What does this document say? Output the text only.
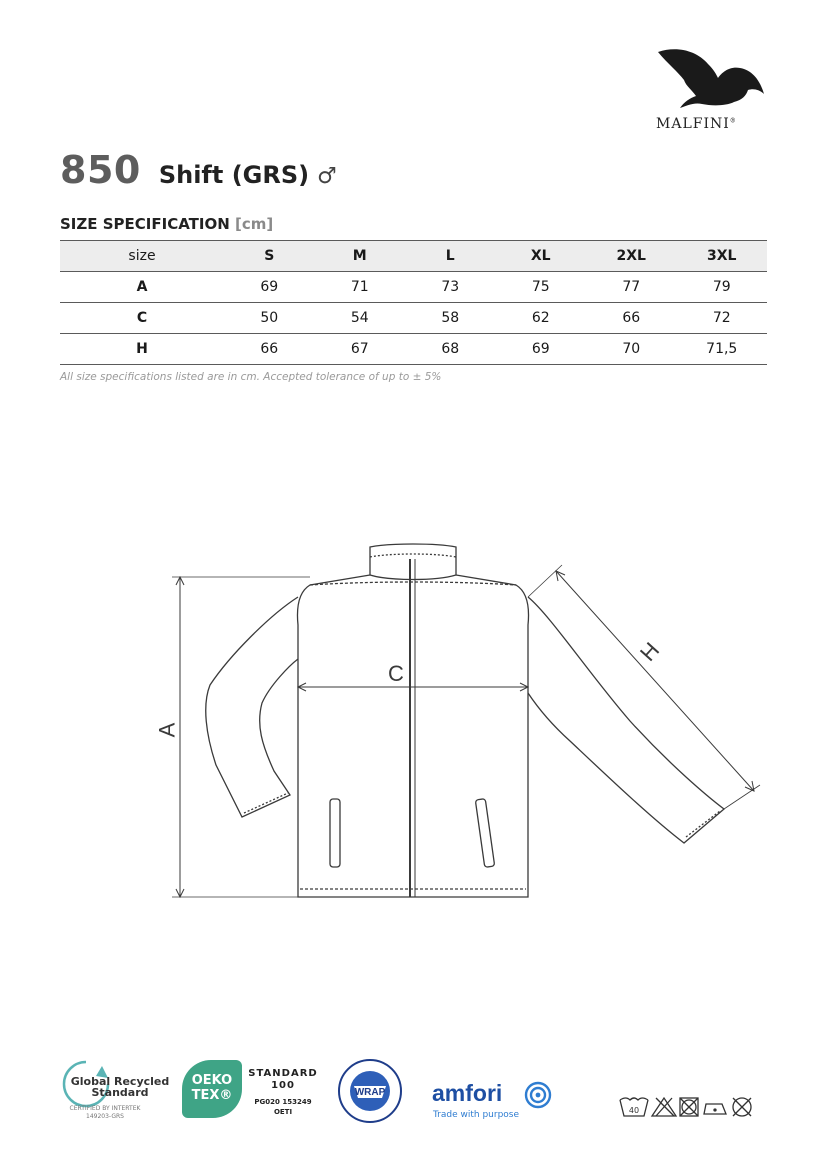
MALFINI®
850 Shift (GRS) ♂
SIZE SPECIFICATION [cm]
size	S	M	L	XL	2XL	3XL
A	69	71	73	75	77	79
C	50	54	58	62	66	72
H	66	67	68	69	70	71,5
All size specifications listed are in cm. Accepted tolerance of up to ± 5%
A
C
H
Global Recycled Standard
CERTIFIED BY INTERTEK
149203-GRS
OEKO TEX®
STANDARD
100
PG020 153249
OETI
WRAP amfori
Trade with purpose	40
